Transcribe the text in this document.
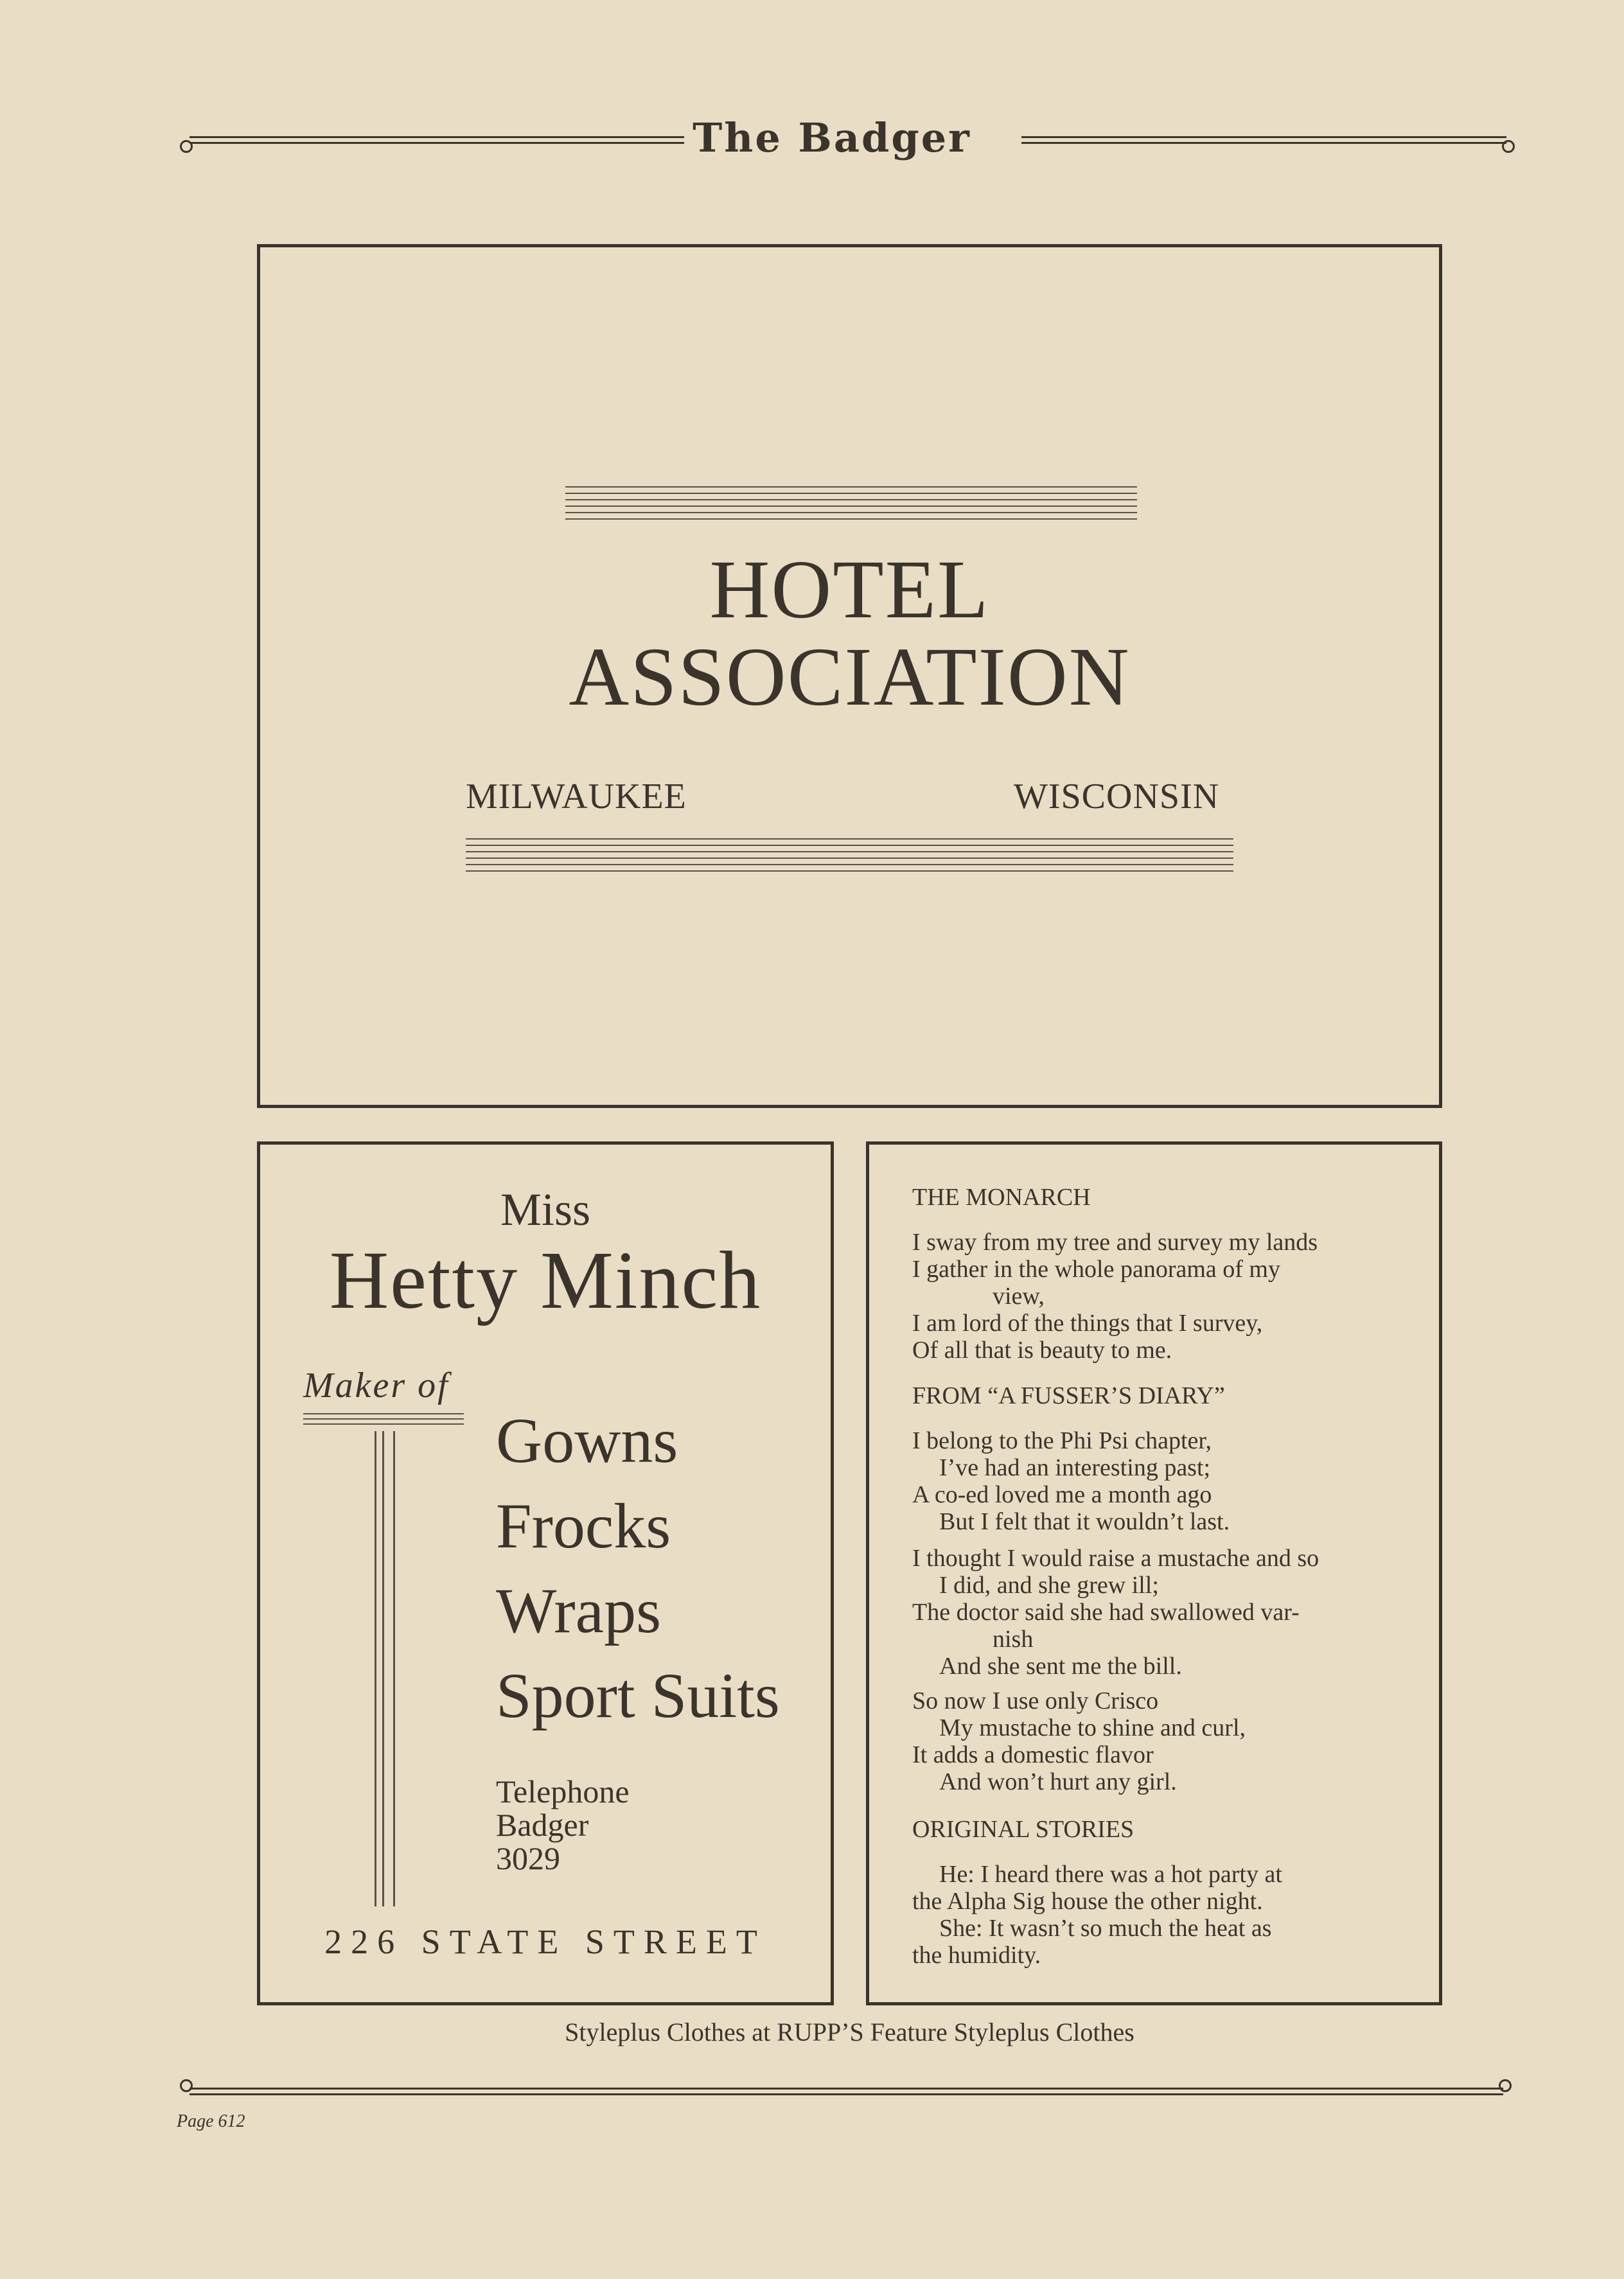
The Badger
HOTEL
ASSOCIATION
MILWAUKEE	WISCONSIN
Miss
Hetty Minch
Maker of
Gowns
Frocks
Wraps
Sport Suits
Telephone
Badger
3029
226 STATE STREET
THE MONARCH
I sway from my tree and survey my lands
I gather in the whole panorama of my
view,
I am lord of the things that I survey,
Of all that is beauty to me.
FROM “A FUSSER’S DIARY”
I belong to the Phi Psi chapter,
I’ve had an interesting past;
A co-ed loved me a month ago
But I felt that it wouldn’t last.
I thought I would raise a mustache and so
I did, and she grew ill;
The doctor said she had swallowed var-
nish
And she sent me the bill.
So now I use only Crisco
My mustache to shine and curl,
It adds a domestic flavor
And won’t hurt any girl.
ORIGINAL STORIES
He: I heard there was a hot party at
the Alpha Sig house the other night.
She: It wasn’t so much the heat as
the humidity.
Styleplus Clothes at RUPP’S Feature Styleplus Clothes
Page 612
